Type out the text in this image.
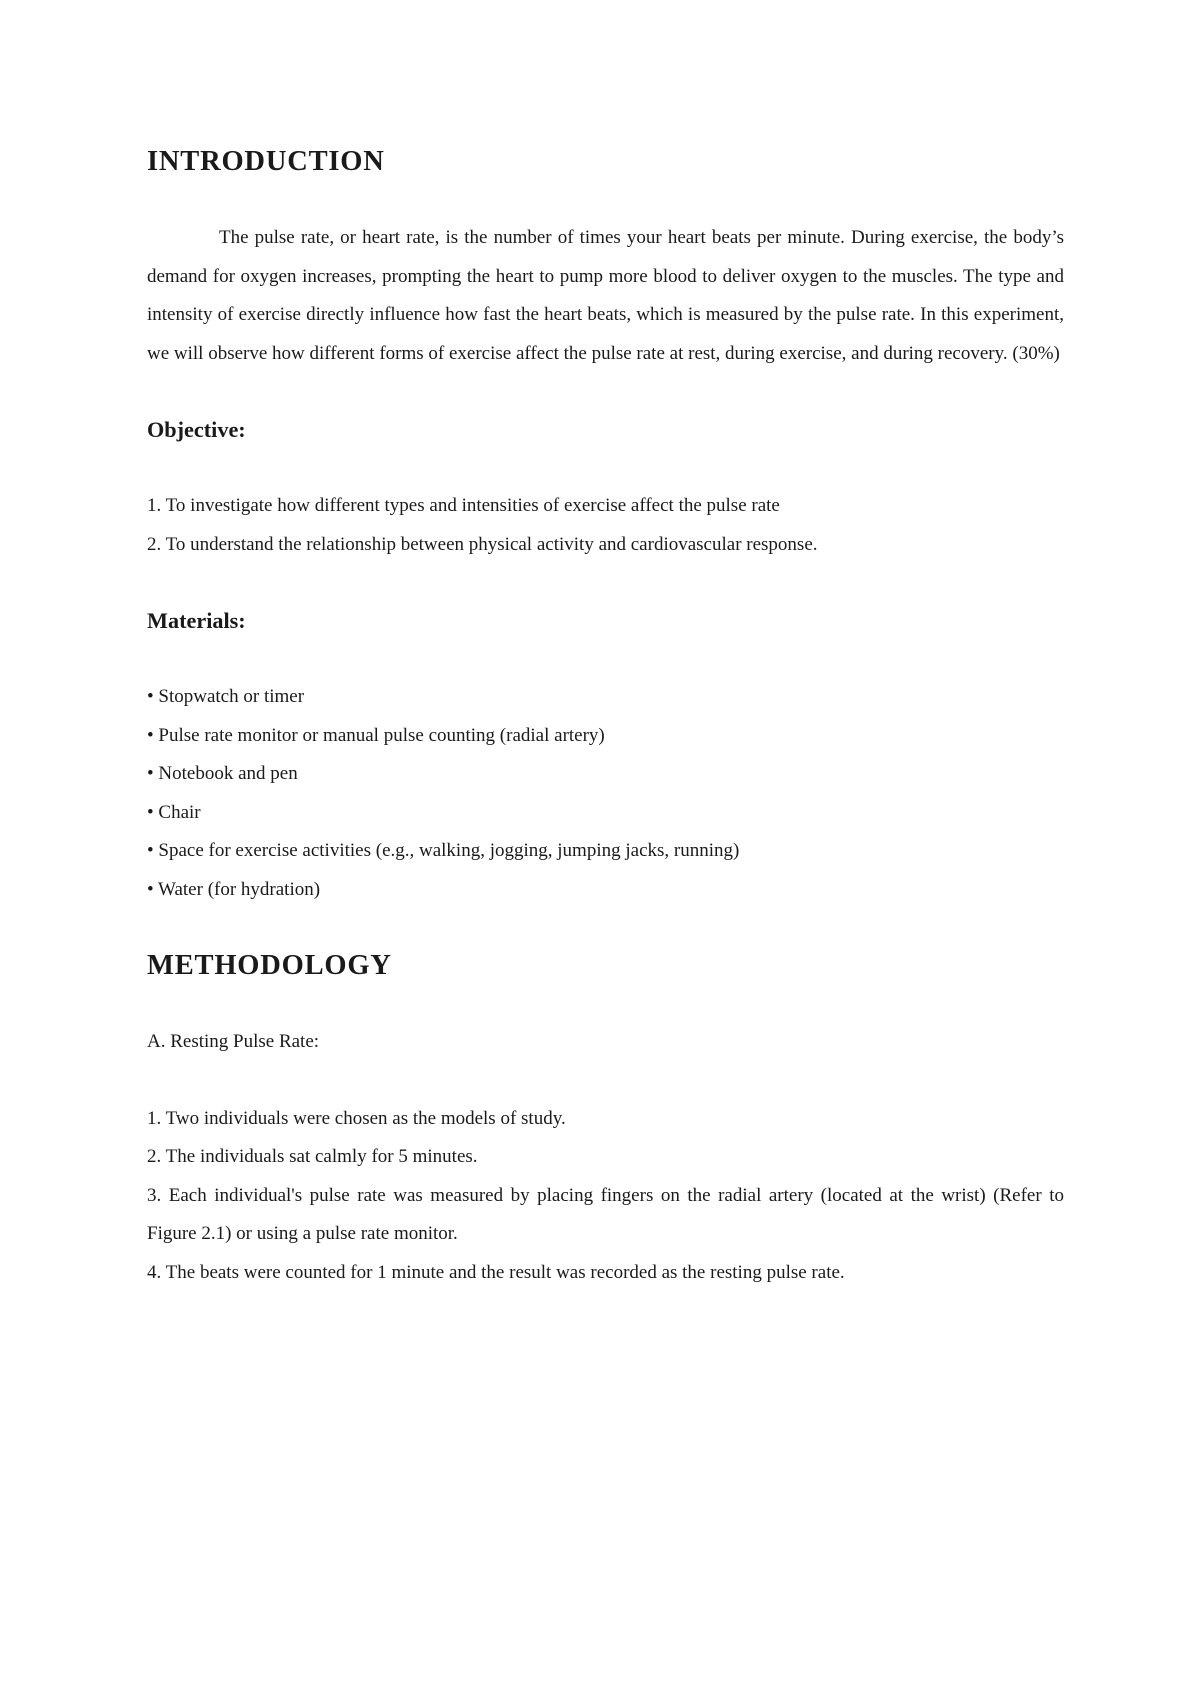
INTRODUCTION

The pulse rate, or heart rate, is the number of times your heart beats per minute. During exercise, the body’s demand for oxygen increases, prompting the heart to pump more blood to deliver oxygen to the muscles. The type and intensity of exercise directly influence how fast the heart beats, which is measured by the pulse rate. In this experiment, we will observe how different forms of exercise affect the pulse rate at rest, during exercise, and during recovery. (30%)

Objective:
1. To investigate how different types and intensities of exercise affect the pulse rate
2. To understand the relationship between physical activity and cardiovascular response.
Materials:
• Stopwatch or timer
• Pulse rate monitor or manual pulse counting (radial artery)
• Notebook and pen
• Chair
• Space for exercise activities (e.g., walking, jogging, jumping jacks, running)
• Water (for hydration)
METHODOLOGY

A. Resting Pulse Rate:

1. Two individuals were chosen as the models of study.
2. The individuals sat calmly for 5 minutes.
3. Each individual's pulse rate was measured by placing fingers on the radial artery (located at the wrist) (Refer to Figure 2.1) or using a pulse rate monitor.
4. The beats were counted for 1 minute and the result was recorded as the resting pulse rate.
